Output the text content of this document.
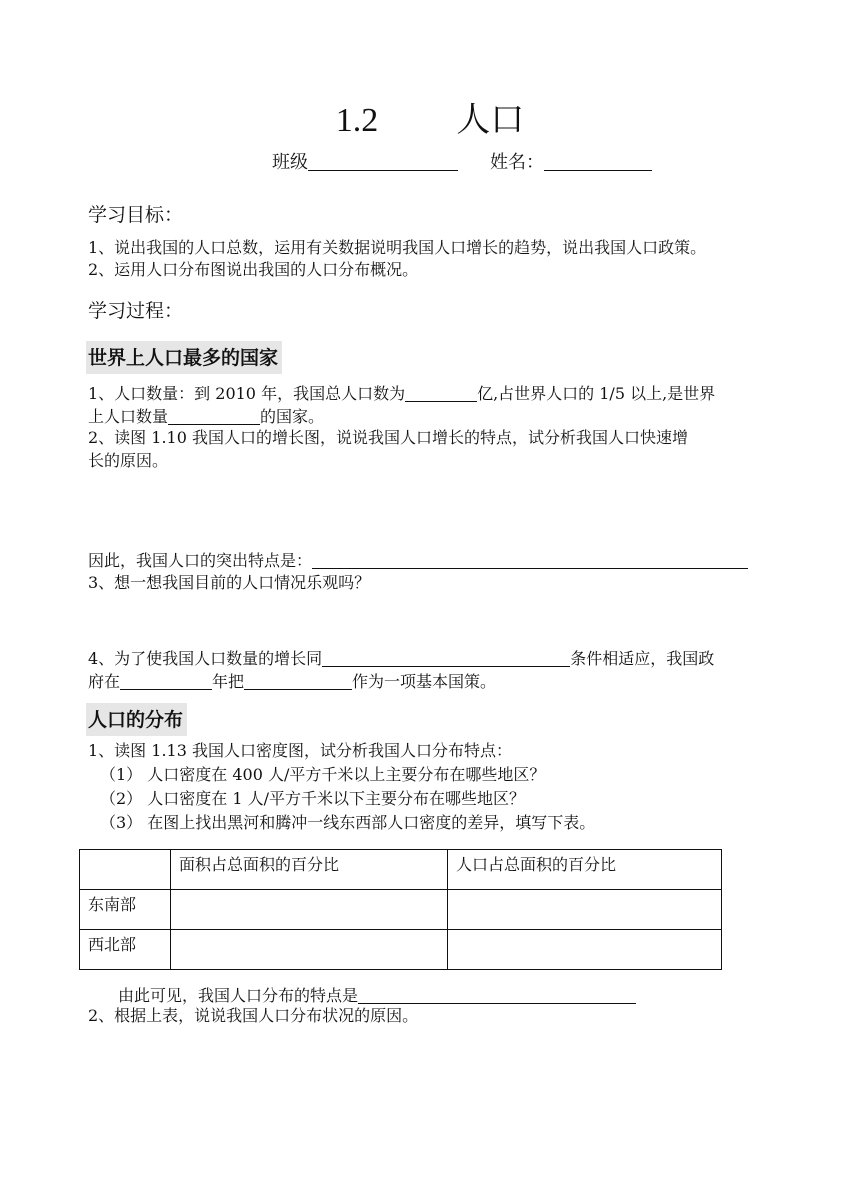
1.2 人口
班级	姓名：
学习目标：
1、说出我国的人口总数，运用有关数据说明我国人口增长的趋势，说出我国人口政策。
2、运用人口分布图说出我国的人口分布概况。
学习过程：
世界上人口最多的国家
1、人口数量：到 2010 年，我国总人口数为	亿,占世界人口的 1/5 以上,是世界
上人口数量	的国家。
2、读图 1.10 我国人口的增长图，说说我国人口增长的特点，试分析我国人口快速增
长的原因。
因此，我国人口的突出特点是：
3、想一想我国目前的人口情况乐观吗？
4、为了使我国人口数量的增长同	条件相适应，我国政
府在	年把	作为一项基本国策。
人口的分布
1、读图 1.13 我国人口密度图，试分析我国人口分布特点：
（1） 人口密度在 400 人/平方千米以上主要分布在哪些地区？
（2） 人口密度在 1 人/平方千米以下主要分布在哪些地区？
（3） 在图上找出黑河和腾冲一线东西部人口密度的差异，填写下表。
	面积占总面积的百分比	人口占总面积的百分比
东南部		
西北部		
由此可见，我国人口分布的特点是
2、根据上表，说说我国人口分布状况的原因。
